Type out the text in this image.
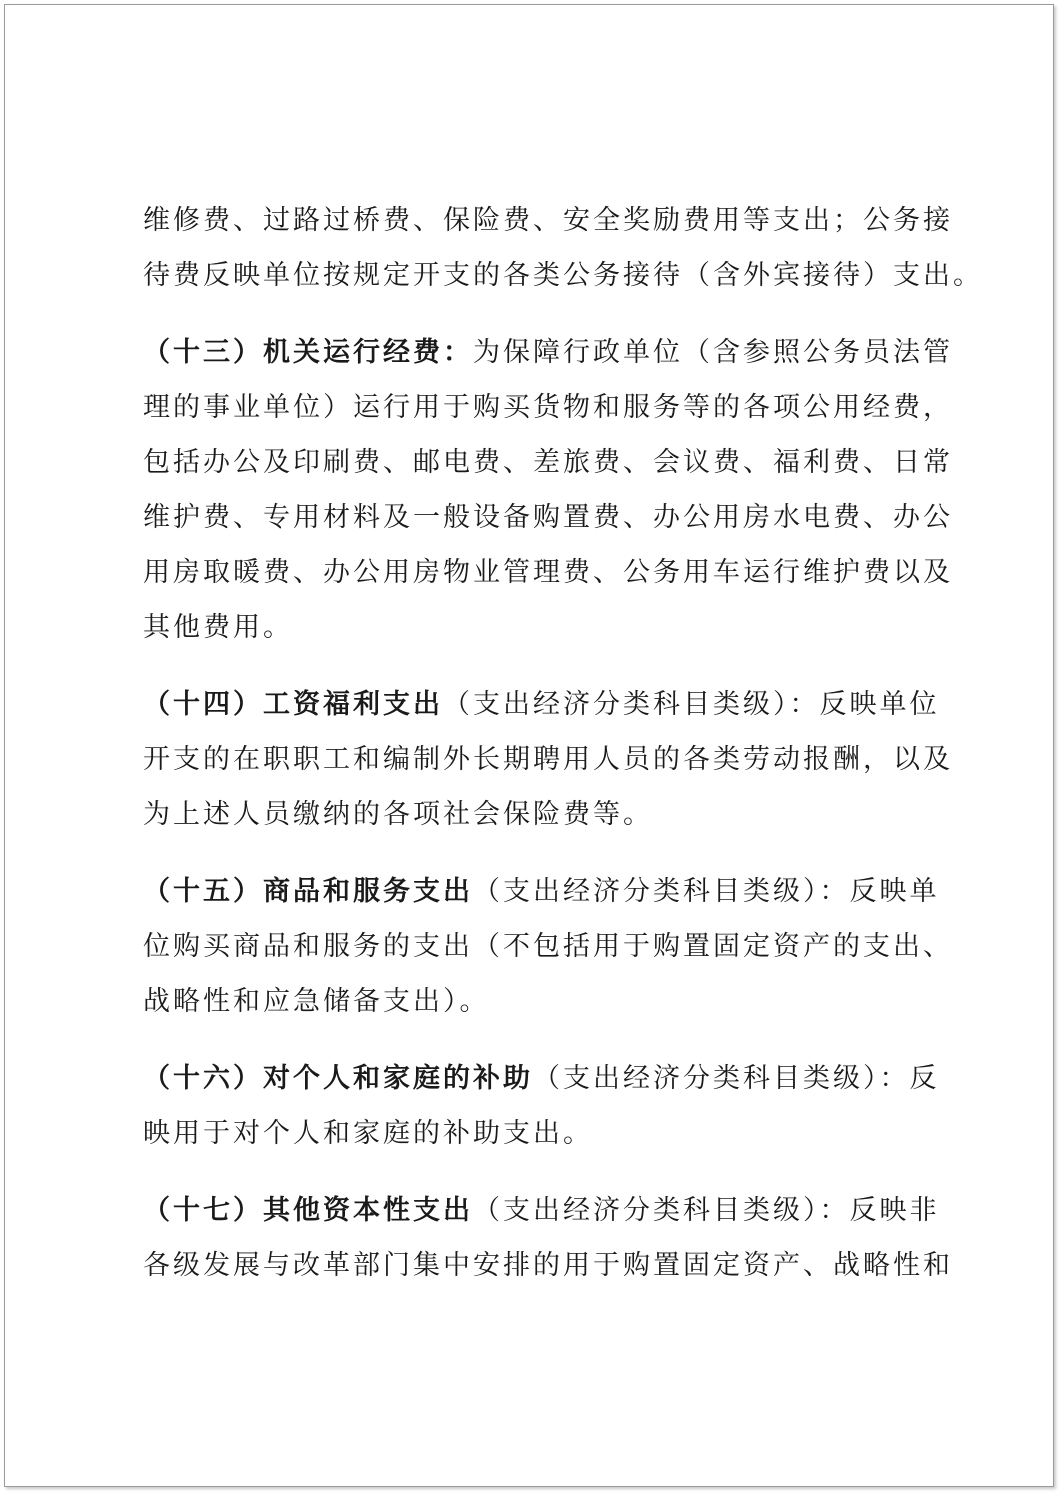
维修费、过路过桥费、保险费、安全奖励费用等支出；公务接
待费反映单位按规定开支的各类公务接待（含外宾接待）支出。
（十三）机关运行经费：为保障行政单位（含参照公务员法管
理的事业单位）运行用于购买货物和服务等的各项公用经费，
包括办公及印刷费、邮电费、差旅费、会议费、福利费、日常
维护费、专用材料及一般设备购置费、办公用房水电费、办公
用房取暖费、办公用房物业管理费、公务用车运行维护费以及
其他费用。
（十四）工资福利支出（支出经济分类科目类级）：反映单位
开支的在职职工和编制外长期聘用人员的各类劳动报酬，以及
为上述人员缴纳的各项社会保险费等。
（十五）商品和服务支出（支出经济分类科目类级）：反映单
位购买商品和服务的支出（不包括用于购置固定资产的支出、
战略性和应急储备支出）。
（十六）对个人和家庭的补助（支出经济分类科目类级）：反
映用于对个人和家庭的补助支出。
（十七）其他资本性支出（支出经济分类科目类级）：反映非
各级发展与改革部门集中安排的用于购置固定资产、战略性和
